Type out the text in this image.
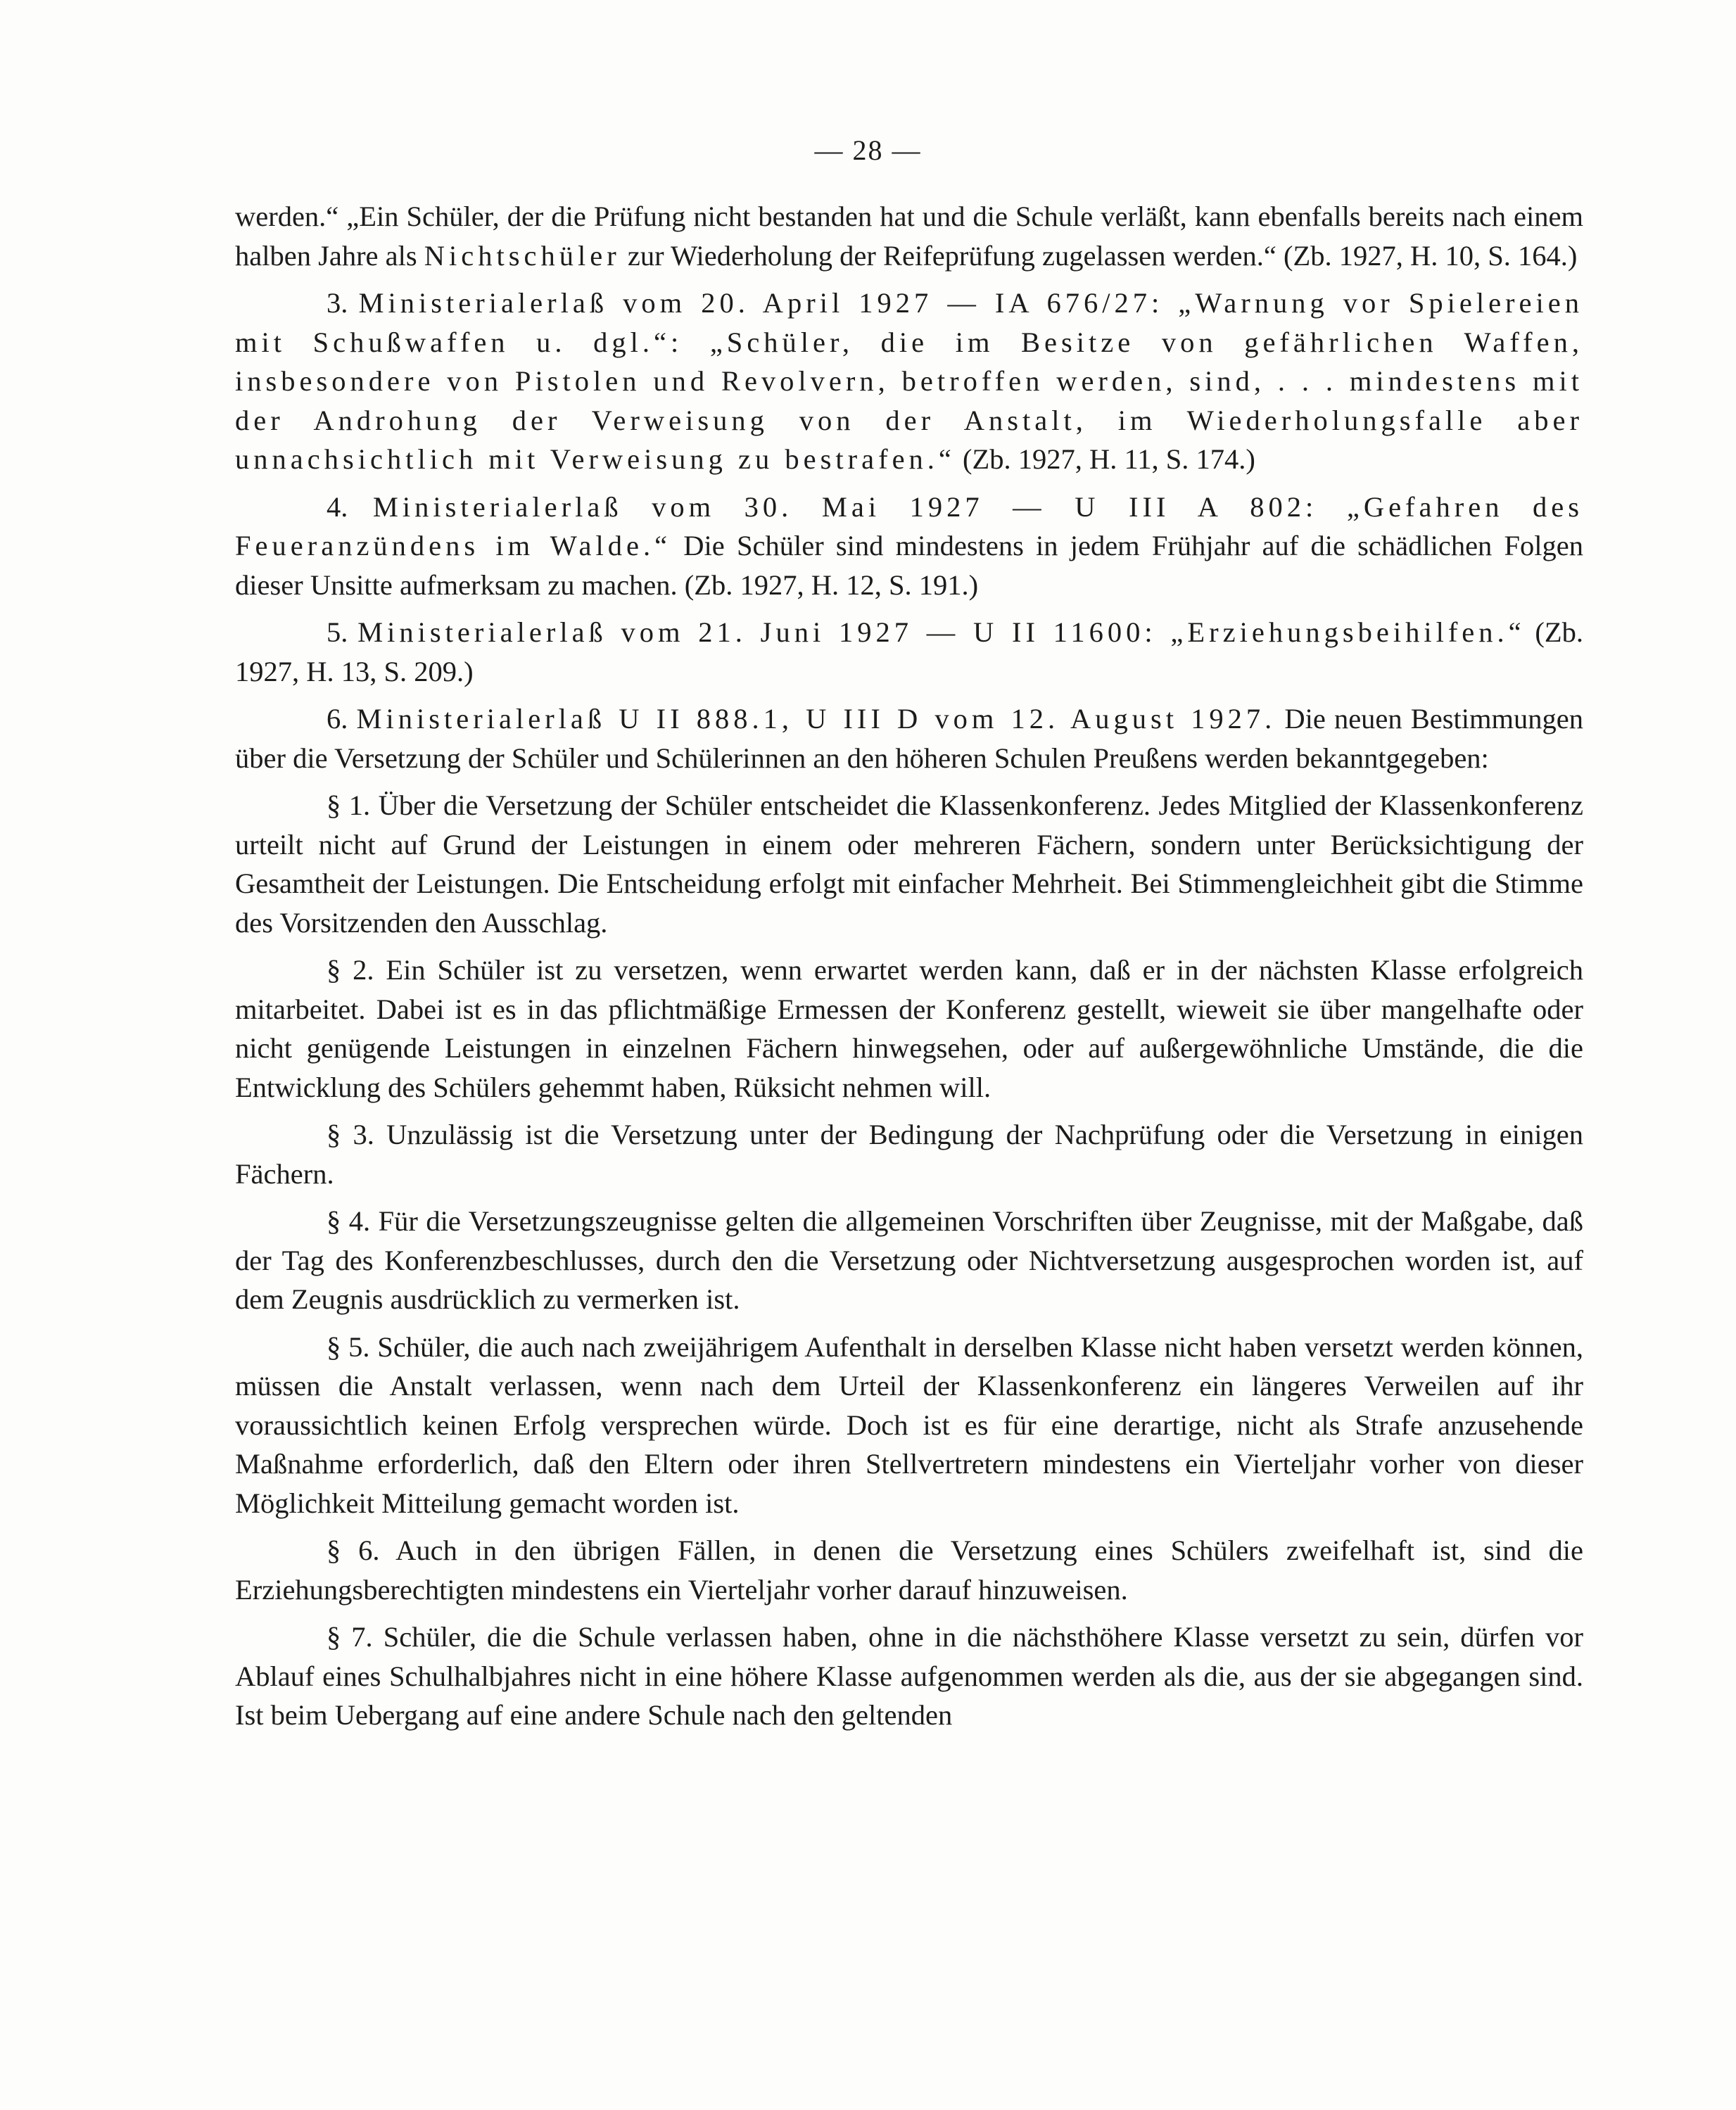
— 28 —

werden.“ „Ein Schüler, der die Prüfung nicht bestanden hat und die Schule verläßt, kann ebenfalls bereits nach einem halben Jahre als Nichtschüler zur Wiederholung der Reifeprüfung zugelassen werden.“ (Zb. 1927, H. 10, S. 164.)

3. Ministerialerlaß vom 20. April 1927 — IA 676/27: „Warnung vor Spielereien mit Schußwaffen u. dgl.“: „Schüler, die im Besitze von gefährlichen Waffen, insbesondere von Pistolen und Revolvern, betroffen werden, sind, . . . mindestens mit der Androhung der Verweisung von der Anstalt, im Wiederholungsfalle aber unnachsichtlich mit Verweisung zu bestrafen.“ (Zb. 1927, H. 11, S. 174.)

4. Ministerialerlaß vom 30. Mai 1927 — U III A 802: „Gefahren des Feueranzündens im Walde.“ Die Schüler sind mindestens in jedem Frühjahr auf die schädlichen Folgen dieser Unsitte aufmerksam zu machen. (Zb. 1927, H. 12, S. 191.)

5. Ministerialerlaß vom 21. Juni 1927 — U II 11600: „Erziehungsbeihilfen.“ (Zb. 1927, H. 13, S. 209.)

6. Ministerialerlaß U II 888.1, U III D vom 12. August 1927. Die neuen Bestimmungen über die Versetzung der Schüler und Schülerinnen an den höheren Schulen Preußens werden bekanntgegeben:

§ 1. Über die Versetzung der Schüler entscheidet die Klassenkonferenz. Jedes Mitglied der Klassenkonferenz urteilt nicht auf Grund der Leistungen in einem oder mehreren Fächern, sondern unter Berücksichtigung der Gesamtheit der Leistungen. Die Entscheidung erfolgt mit einfacher Mehrheit. Bei Stimmengleichheit gibt die Stimme des Vorsitzenden den Ausschlag.

§ 2. Ein Schüler ist zu versetzen, wenn erwartet werden kann, daß er in der nächsten Klasse erfolgreich mitarbeitet. Dabei ist es in das pflichtmäßige Ermessen der Konferenz gestellt, wieweit sie über mangelhafte oder nicht genügende Leistungen in einzelnen Fächern hinwegsehen, oder auf außergewöhnliche Umstände, die die Entwicklung des Schülers gehemmt haben, Rüksicht nehmen will.

§ 3. Unzulässig ist die Versetzung unter der Bedingung der Nachprüfung oder die Versetzung in einigen Fächern.

§ 4. Für die Versetzungszeugnisse gelten die allgemeinen Vorschriften über Zeugnisse, mit der Maßgabe, daß der Tag des Konferenzbeschlusses, durch den die Versetzung oder Nichtversetzung ausgesprochen worden ist, auf dem Zeugnis ausdrücklich zu vermerken ist.

§ 5. Schüler, die auch nach zweijährigem Aufenthalt in derselben Klasse nicht haben versetzt werden können, müssen die Anstalt verlassen, wenn nach dem Urteil der Klassenkonferenz ein längeres Verweilen auf ihr voraussichtlich keinen Erfolg versprechen würde. Doch ist es für eine derartige, nicht als Strafe anzusehende Maßnahme erforderlich, daß den Eltern oder ihren Stellvertretern mindestens ein Vierteljahr vorher von dieser Möglichkeit Mitteilung gemacht worden ist.

§ 6. Auch in den übrigen Fällen, in denen die Versetzung eines Schülers zweifelhaft ist, sind die Erziehungsberechtigten mindestens ein Vierteljahr vorher darauf hinzuweisen.

§ 7. Schüler, die die Schule verlassen haben, ohne in die nächsthöhere Klasse versetzt zu sein, dürfen vor Ablauf eines Schulhalbjahres nicht in eine höhere Klasse aufgenommen werden als die, aus der sie abgegangen sind. Ist beim Uebergang auf eine andere Schule nach den geltenden
